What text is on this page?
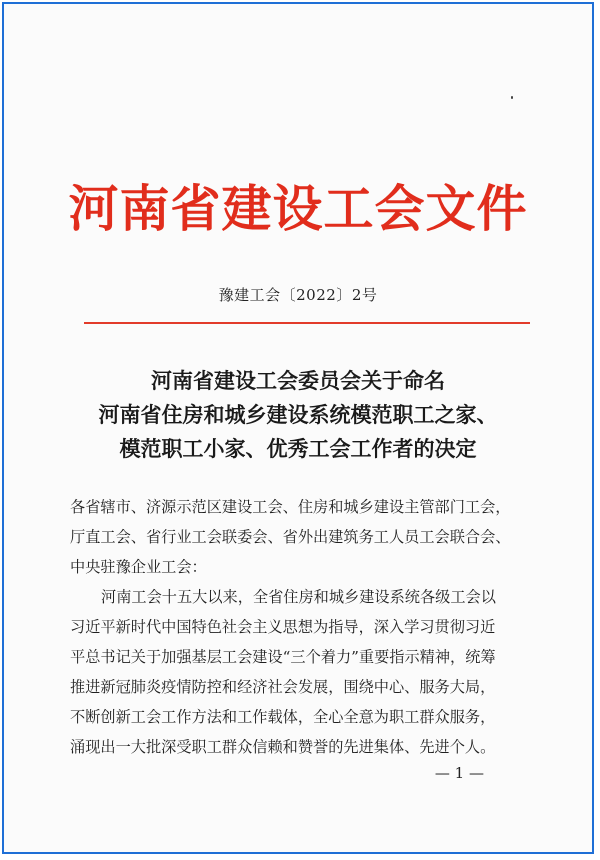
河南省建设工会文件
豫建工会〔2022〕2号
河南省建设工会委员会关于命名
河南省住房和城乡建设系统模范职工之家、
模范职工小家、优秀工会工作者的决定
各省辖市、济源示范区建设工会、住房和城乡建设主管部门工会，
厅直工会、省行业工会联委会、省外出建筑务工人员工会联合会、
中央驻豫企业工会：
河南工会十五大以来，全省住房和城乡建设系统各级工会以
习近平新时代中国特色社会主义思想为指导，深入学习贯彻习近
平总书记关于加强基层工会建设“三个着力”重要指示精神，统筹
推进新冠肺炎疫情防控和经济社会发展，围绕中心、服务大局，
不断创新工会工作方法和工作载体，全心全意为职工群众服务，
涌现出一大批深受职工群众信赖和赞誉的先进集体、先进个人。
— 1 —
